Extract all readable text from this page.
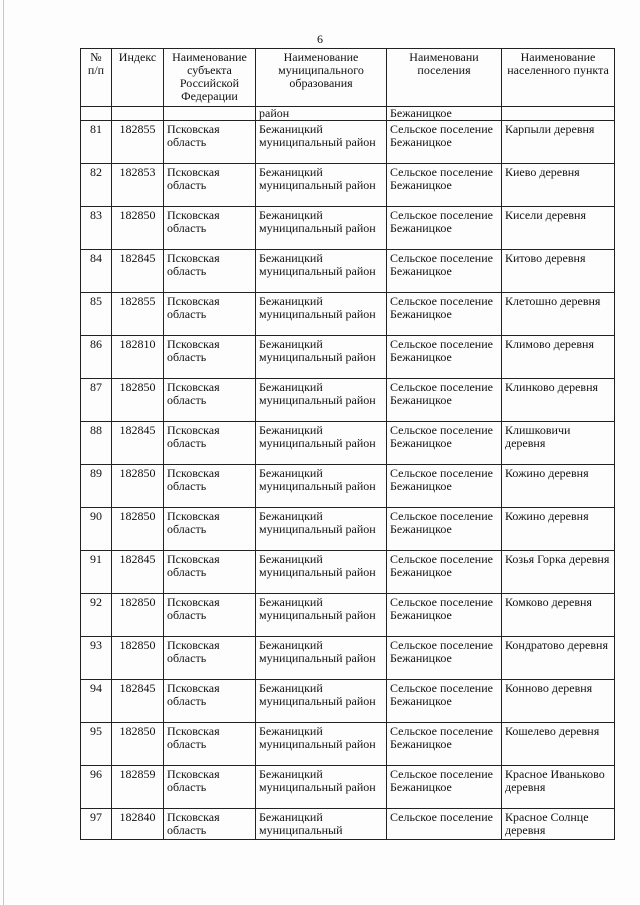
6
№ п/п	Индекс	Наименование субъекта Российской Федерации	Наименование муниципального образования	Наименовани поселения	Наименование населенного пункта
			район	Бежаницкое	
81	182855	Псковская область	Бежаницкий муниципальный район	Сельское поселение Бежаницкое	Карпыли деревня
82	182853	Псковская область	Бежаницкий муниципальный район	Сельское поселение Бежаницкое	Киево деревня
83	182850	Псковская область	Бежаницкий муниципальный район	Сельское поселение Бежаницкое	Кисели деревня
84	182845	Псковская область	Бежаницкий муниципальный район	Сельское поселение Бежаницкое	Китово деревня
85	182855	Псковская область	Бежаницкий муниципальный район	Сельское поселение Бежаницкое	Клетошно деревня
86	182810	Псковская область	Бежаницкий муниципальный район	Сельское поселение Бежаницкое	Климово деревня
87	182850	Псковская область	Бежаницкий муниципальный район	Сельское поселение Бежаницкое	Клинково деревня
88	182845	Псковская область	Бежаницкий муниципальный район	Сельское поселение Бежаницкое	Клишковичи деревня
89	182850	Псковская область	Бежаницкий муниципальный район	Сельское поселение Бежаницкое	Кожино деревня
90	182850	Псковская область	Бежаницкий муниципальный район	Сельское поселение Бежаницкое	Кожино деревня
91	182845	Псковская область	Бежаницкий муниципальный район	Сельское поселение Бежаницкое	Козья Горка деревня
92	182850	Псковская область	Бежаницкий муниципальный район	Сельское поселение Бежаницкое	Комково деревня
93	182850	Псковская область	Бежаницкий муниципальный район	Сельское поселение Бежаницкое	Кондратово деревня
94	182845	Псковская область	Бежаницкий муниципальный район	Сельское поселение Бежаницкое	Конново деревня
95	182850	Псковская область	Бежаницкий муниципальный район	Сельское поселение Бежаницкое	Кошелево деревня
96	182859	Псковская область	Бежаницкий муниципальный район	Сельское поселение Бежаницкое	Красное Иваньково деревня
97	182840	Псковская область	Бежаницкий муниципальный	Сельское поселение	Красное Солнце деревня
